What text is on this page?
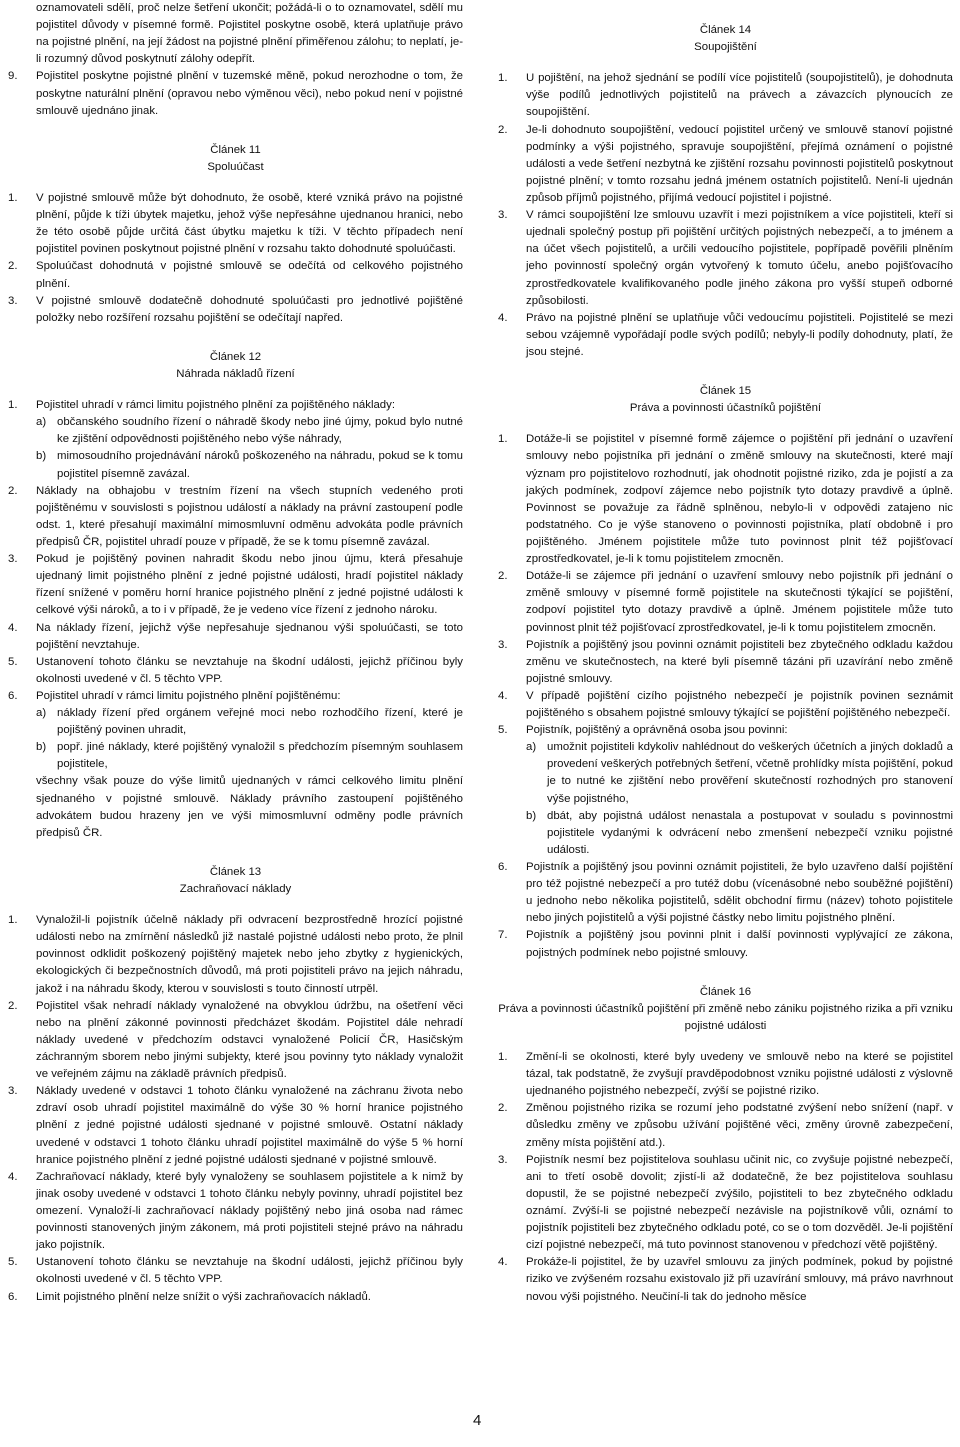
oznamovateli sdělí, proč nelze šetření ukončit; požádá-li o to oznamovatel, sdělí mu pojistitel důvody v písemné formě. Pojistitel poskytne osobě, která uplatňuje právo na pojistné plnění, na její žádost na pojistné plnění přiměřenou zálohu; to neplatí, je-li rozumný důvod poskytnutí zálohy odepřít.

9. Pojistitel poskytne pojistné plnění v tuzemské měně, pokud nerozhodne o tom, že poskytne naturální plnění (opravou nebo výměnou věci), nebo pokud není v pojistné smlouvě ujednáno jinak.
Článek 11
Spoluúčast
1. V pojistné smlouvě může být dohodnuto, že osobě, které vzniká právo na pojistné plnění, půjde k tíži úbytek majetku, jehož výše nepřesáhne ujednanou hranici, nebo že této osobě půjde určitá část úbytku majetku k tíži. V těchto případech není pojistitel povinen poskytnout pojistné plnění v rozsahu takto dohodnuté spoluúčasti.
2. Spoluúčast dohodnutá v pojistné smlouvě se odečítá od celkového pojistného plnění.
3. V pojistné smlouvě dodatečně dohodnuté spoluúčasti pro jednotlivé pojištěné položky nebo rozšíření rozsahu pojištění se odečítají napřed.
Článek 12
Náhrada nákladů řízení
1. Pojistitel uhradí v rámci limitu pojistného plnění za pojištěného náklady:
a) občanského soudního řízení o náhradě škody nebo jiné újmy, pokud bylo nutné ke zjištění odpovědnosti pojištěného nebo výše náhrady,
b) mimosoudního projednávání nároků poškozeného na náhradu, pokud se k tomu pojistitel písemně zavázal.
2. Náklady na obhajobu v trestním řízení na všech stupních vedeného proti pojištěnému v souvislosti s pojistnou událostí a náklady na právní zastoupení podle odst. 1, které přesahují maximální mimosmluvní odměnu advokáta podle právních předpisů ČR, pojistitel uhradí pouze v případě, že se k tomu písemně zavázal.
3. Pokud je pojištěný povinen nahradit škodu nebo jinou újmu, která přesahuje ujednaný limit pojistného plnění z jedné pojistné události, hradí pojistitel náklady řízení snížené v poměru horní hranice pojistného plnění z jedné pojistné události k celkové výši nároků, a to i v případě, že je vedeno více řízení z jednoho nároku.
4. Na náklady řízení, jejichž výše nepřesahuje sjednanou výši spoluúčasti, se toto pojištění nevztahuje.
5. Ustanovení tohoto článku se nevztahuje na škodní události, jejichž příčinou byly okolnosti uvedené v čl. 5 těchto VPP.
6. Pojistitel uhradí v rámci limitu pojistného plnění pojištěnému:
a) náklady řízení před orgánem veřejné moci nebo rozhodčího řízení, které je pojištěný povinen uhradit,
b) popř. jiné náklady, které pojištěný vynaložil s předchozím písemným souhlasem pojistitele,

všechny však pouze do výše limitů ujednaných v rámci celkového limitu plnění sjednaného v pojistné smlouvě. Náklady právního zastoupení pojištěného advokátem budou hrazeny jen ve výši mimosmluvní odměny podle právních předpisů ČR.

Článek 13
Zachraňovací náklady
1. Vynaložil-li pojistník účelně náklady při odvracení bezprostředně hrozící pojistné události nebo na zmírnění následků již nastalé pojistné události nebo proto, že plnil povinnost odklidit poškozený pojištěný majetek nebo jeho zbytky z hygienických, ekologických či bezpečnostních důvodů, má proti pojistiteli právo na jejich náhradu, jakož i na náhradu škody, kterou v souvislosti s touto činností utrpěl.
2. Pojistitel však nehradí náklady vynaložené na obvyklou údržbu, na ošetření věci nebo na plnění zákonné povinnosti předcházet škodám. Pojistitel dále nehradí náklady uvedené v předchozím odstavci vynaložené Policií ČR, Hasičským záchranným sborem nebo jinými subjekty, které jsou povinny tyto náklady vynaložit ve veřejném zájmu na základě právních předpisů.
3. Náklady uvedené v odstavci 1 tohoto článku vynaložené na záchranu života nebo zdraví osob uhradí pojistitel maximálně do výše 30 % horní hranice pojistného plnění z jedné pojistné události sjednané v pojistné smlouvě. Ostatní náklady uvedené v odstavci 1 tohoto článku uhradí pojistitel maximálně do výše 5 % horní hranice pojistného plnění z jedné pojistné události sjednané v pojistné smlouvě.
4. Zachraňovací náklady, které byly vynaloženy se souhlasem pojistitele a k nimž by jinak osoby uvedené v odstavci 1 tohoto článku nebyly povinny, uhradí pojistitel bez omezení. Vynaloží-li zachraňovací náklady pojištěný nebo jiná osoba nad rámec povinnosti stanovených jiným zákonem, má proti pojistiteli stejné právo na náhradu jako pojistník.
5. Ustanovení tohoto článku se nevztahuje na škodní události, jejichž příčinou byly okolnosti uvedené v čl. 5 těchto VPP.
6. Limit pojistného plnění nelze snížit o výši zachraňovacích nákladů.
Článek 14
Soupojištění
1. U pojištění, na jehož sjednání se podílí více pojistitelů (soupojistitelů), je dohodnuta výše podílů jednotlivých pojistitelů na právech a závazcích plynoucích ze soupojištění.
2. Je-li dohodnuto soupojištění, vedoucí pojistitel určený ve smlouvě stanoví pojistné podmínky a výši pojistného, spravuje soupojištění, přejímá oznámení o pojistné události a vede šetření nezbytná ke zjištění rozsahu povinnosti pojistitelů poskytnout pojistné plnění; v tomto rozsahu jedná jménem ostatních pojistitelů. Není-li ujednán způsob příjmů pojistného, přijímá vedoucí pojistitel i pojistné.
3. V rámci soupojištění lze smlouvu uzavřít i mezi pojistníkem a více pojistiteli, kteří si ujednali společný postup při pojištění určitých pojistných nebezpečí, a to jménem a na účet všech pojistitelů, a určili vedoucího pojistitele, popřípadě pověřili plněním jeho povinností společný orgán vytvořený k tomuto účelu, anebo pojišťovacího zprostředkovatele kvalifikovaného podle jiného zákona pro vyšší stupeň odborné způsobilosti.
4. Právo na pojistné plnění se uplatňuje vůči vedoucímu pojistiteli. Pojistitelé se mezi sebou vzájemně vypořádají podle svých podílů; nebyly-li podíly dohodnuty, platí, že jsou stejné.
Článek 15
Práva a povinnosti účastníků pojištění
1. Dotáže-li se pojistitel v písemné formě zájemce o pojištění při jednání o uzavření smlouvy nebo pojistníka při jednání o změně smlouvy na skutečnosti, které mají význam pro pojistitelovo rozhodnutí, jak ohodnotit pojistné riziko, zda je pojistí a za jakých podmínek, zodpoví zájemce nebo pojistník tyto dotazy pravdivě a úplně. Povinnost se považuje za řádně splněnou, nebylo-li v odpovědi zatajeno nic podstatného. Co je výše stanoveno o povinnosti pojistníka, platí obdobně i pro pojištěného. Jménem pojistitele může tuto povinnost plnit též pojišťovací zprostředkovatel, je-li k tomu pojistitelem zmocněn.
2. Dotáže-li se zájemce při jednání o uzavření smlouvy nebo pojistník při jednání o změně smlouvy v písemné formě pojistitele na skutečnosti týkající se pojištění, zodpoví pojistitel tyto dotazy pravdivě a úplně. Jménem pojistitele může tuto povinnost plnit též pojišťovací zprostředkovatel, je-li k tomu pojistitelem zmocněn.
3. Pojistník a pojištěný jsou povinni oznámit pojistiteli bez zbytečného odkladu každou změnu ve skutečnostech, na které byli písemně tázáni při uzavírání nebo změně pojistné smlouvy.
4. V případě pojištění cizího pojistného nebezpečí je pojistník povinen seznámit pojištěného s obsahem pojistné smlouvy týkající se pojištění pojištěného nebezpečí.
5. Pojistník, pojištěný a oprávněná osoba jsou povinni:
a) umožnit pojistiteli kdykoliv nahlédnout do veškerých účetních a jiných dokladů a provedení veškerých potřebných šetření, včetně prohlídky místa pojištění, pokud je to nutné ke zjištění nebo prověření skutečností rozhodných pro stanovení výše pojistného,
b) dbát, aby pojistná událost nenastala a postupovat v souladu s povinnostmi pojistitele vydanými k odvrácení nebo zmenšení nebezpečí vzniku pojistné události.
6. Pojistník a pojištěný jsou povinni oznámit pojistiteli, že bylo uzavřeno další pojištění pro též pojistné nebezpečí a pro tutéž dobu (vícenásobné nebo souběžné pojištění) u jednoho nebo několika pojistitelů, sdělit obchodní firmu (název) tohoto pojistitele nebo jiných pojistitelů a výši pojistné částky nebo limitu pojistného plnění.
7. Pojistník a pojištěný jsou povinni plnit i další povinnosti vyplývající ze zákona, pojistných podmínek nebo pojistné smlouvy.
Článek 16
Práva a povinnosti účastníků pojištění při změně nebo zániku pojistného rizika a při vzniku pojistné události
1. Změní-li se okolnosti, které byly uvedeny ve smlouvě nebo na které se pojistitel tázal, tak podstatně, že zvyšují pravděpodobnost vzniku pojistné události z výslovně ujednaného pojistného nebezpečí, zvýší se pojistné riziko.
2. Změnou pojistného rizika se rozumí jeho podstatné zvýšení nebo snížení (např. v důsledku změny ve způsobu užívání pojištěné věci, změny úrovně zabezpečení, změny místa pojištění atd.).
3. Pojistník nesmí bez pojistitelova souhlasu učinit nic, co zvyšuje pojistné nebezpečí, ani to třetí osobě dovolit; zjistí-li až dodatečně, že bez pojistitelova souhlasu dopustil, že se pojistné nebezpečí zvýšilo, pojistiteli to bez zbytečného odkladu oznámí. Zvýší-li se pojistné nebezpečí nezávisle na pojistníkově vůli, oznámí to pojistník pojistiteli bez zbytečného odkladu poté, co se o tom dozvěděl. Je-li pojištění cizí pojistné nebezpečí, má tuto povinnost stanovenou v předchozí větě pojištěný.
4. Prokáže-li pojistitel, že by uzavřel smlouvu za jiných podmínek, pokud by pojistné riziko ve zvýšeném rozsahu existovalo již při uzavírání smlouvy, má právo navrhnout novou výši pojistného. Neučiní-li tak do jednoho měsíce
4
